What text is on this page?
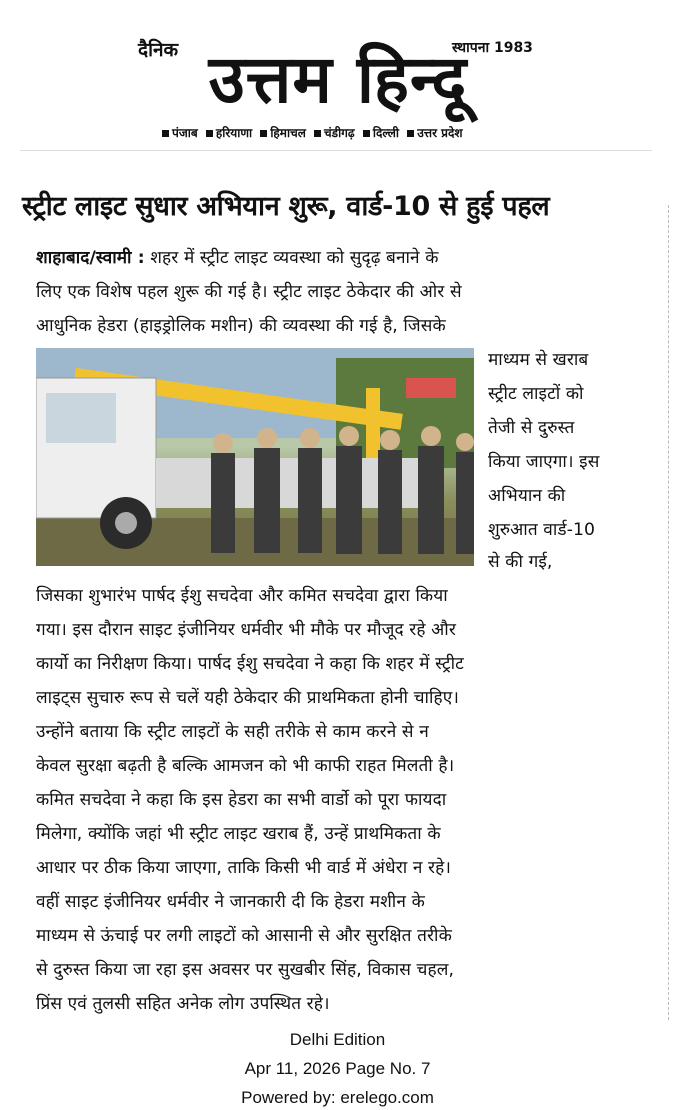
दैनिक	स्थापना 1983
उत्तम हिन्दू
पंजाब हरियाणा हिमाचल चंडीगढ़ दिल्ली उत्तर प्रदेश
स्ट्रीट लाइट सुधार अभियान शुरू, वार्ड-10 से हुई पहल
शाहाबाद/स्वामी : शहर में स्ट्रीट लाइट व्यवस्था को सुदृढ़ बनाने के
लिए एक विशेष पहल शुरू की गई है। स्ट्रीट लाइट ठेकेदार की ओर से
आधुनिक हेडरा (हाइड्रोलिक मशीन) की व्यवस्था की गई है, जिसके
माध्यम से खराब
स्ट्रीट लाइटों को
तेजी से दुरुस्त
किया जाएगा। इस
अभियान की
शुरुआत वार्ड-10
से की गई,
जिसका शुभारंभ पार्षद ईशु सचदेवा और कमित सचदेवा द्वारा किया
गया। इस दौरान साइट इंजीनियर धर्मवीर भी मौके पर मौजूद रहे और
कार्यो का निरीक्षण किया। पार्षद ईशु सचदेवा ने कहा कि शहर में स्ट्रीट
लाइट्स सुचारु रूप से चलें यही ठेकेदार की प्राथमिकता होनी चाहिए।
उन्होंने बताया कि स्ट्रीट लाइटों के सही तरीके से काम करने से न
केवल सुरक्षा बढ़ती है बल्कि आमजन को भी काफी राहत मिलती है।
कमित सचदेवा ने कहा कि इस हेडरा का सभी वार्डो को पूरा फायदा
मिलेगा, क्योंकि जहां भी स्ट्रीट लाइट खराब हैं, उन्हें प्राथमिकता के
आधार पर ठीक किया जाएगा, ताकि किसी भी वार्ड में अंधेरा न रहे।
वहीं साइट इंजीनियर धर्मवीर ने जानकारी दी कि हेडरा मशीन के
माध्यम से ऊंचाई पर लगी लाइटों को आसानी से और सुरक्षित तरीके
से दुरुस्त किया जा रहा इस अवसर पर सुखबीर सिंह, विकास चहल,
प्रिंस एवं तुलसी सहित अनेक लोग उपस्थित रहे।
Delhi Edition
Apr 11, 2026 Page No. 7
Powered by: erelego.com
